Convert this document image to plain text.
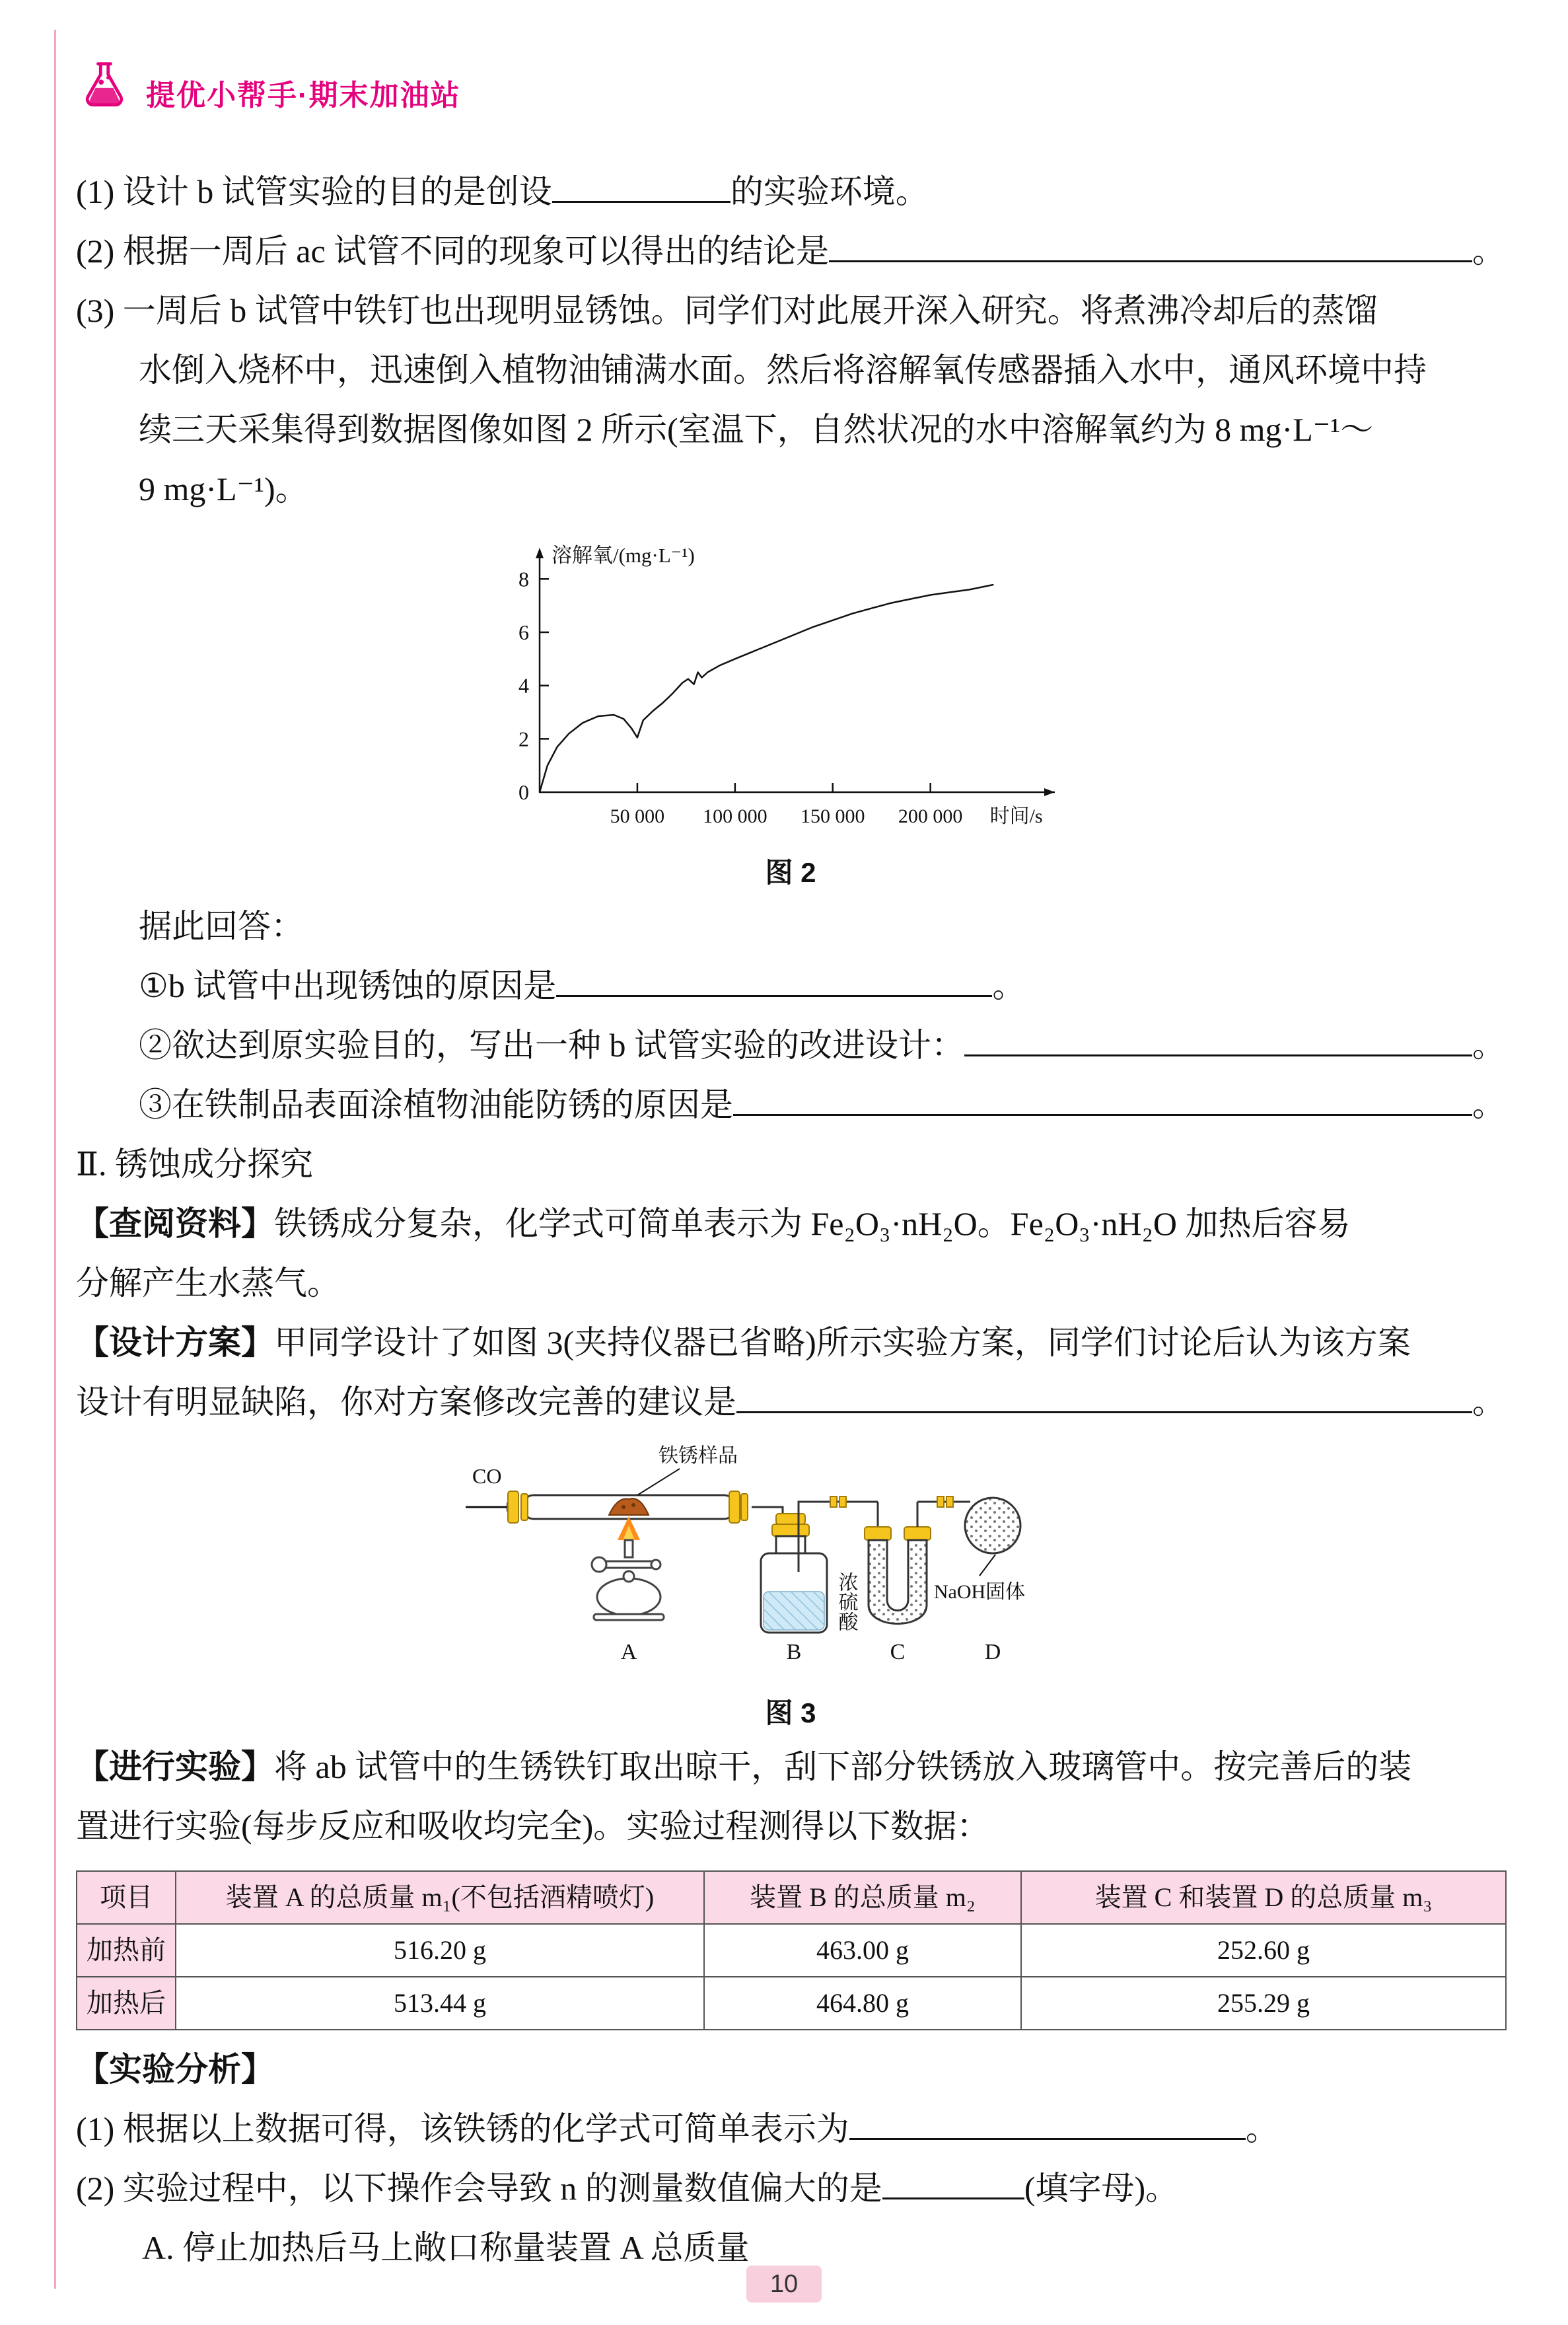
提优小帮手·期末加油站
(1) 设计 b 试管实验的目的是创设	的实验环境。
(2) 根据一周后 ac 试管不同的现象可以得出的结论是	。
(3) 一周后 b 试管中铁钉也出现明显锈蚀。同学们对此展开深入研究。将煮沸冷却后的蒸馏
水倒入烧杯中，迅速倒入植物油铺满水面。然后将溶解氧传感器插入水中，通风环境中持
续三天采集得到数据图像如图 2 所示(室温下，自然状况的水中溶解氧约为 8 mg·L⁻¹～
9 mg·L⁻¹)。
2
4
6
8
0
50 000 100 000 150 000 200 000 时间/s
溶解氧/(mg·L⁻¹)
图 2
据此回答：
①b 试管中出现锈蚀的原因是	。
②欲达到原实验目的，写出一种 b 试管实验的改进设计：	。
③在铁制品表面涂植物油能防锈的原因是	。
Ⅱ. 锈蚀成分探究
【查阅资料】铁锈成分复杂，化学式可简单表示为 Fe₂O₃·nH₂O。Fe₂O₃·nH₂O 加热后容易
分解产生水蒸气。
【设计方案】甲同学设计了如图 3(夹持仪器已省略)所示实验方案，同学们讨论后认为该方案
设计有明显缺陷，你对方案修改完善的建议是	。
CO
铁锈样品
浓硫酸	NaOH固体
A	B	C	D
图 3
【进行实验】将 ab 试管中的生锈铁钉取出晾干，刮下部分铁锈放入玻璃管中。按完善后的装
置进行实验(每步反应和吸收均完全)。实验过程测得以下数据：
项目	装置 A 的总质量 m₁(不包括酒精喷灯)	装置 B 的总质量 m₂	装置 C 和装置 D 的总质量 m₃
加热前	516.20 g	463.00 g	252.60 g
加热后	513.44 g	464.80 g	255.29 g
【实验分析】
(1) 根据以上数据可得，该铁锈的化学式可简单表示为	。
(2) 实验过程中，以下操作会导致 n 的测量数值偏大的是	(填字母)。
A. 停止加热后马上敞口称量装置 A 总质量
10
